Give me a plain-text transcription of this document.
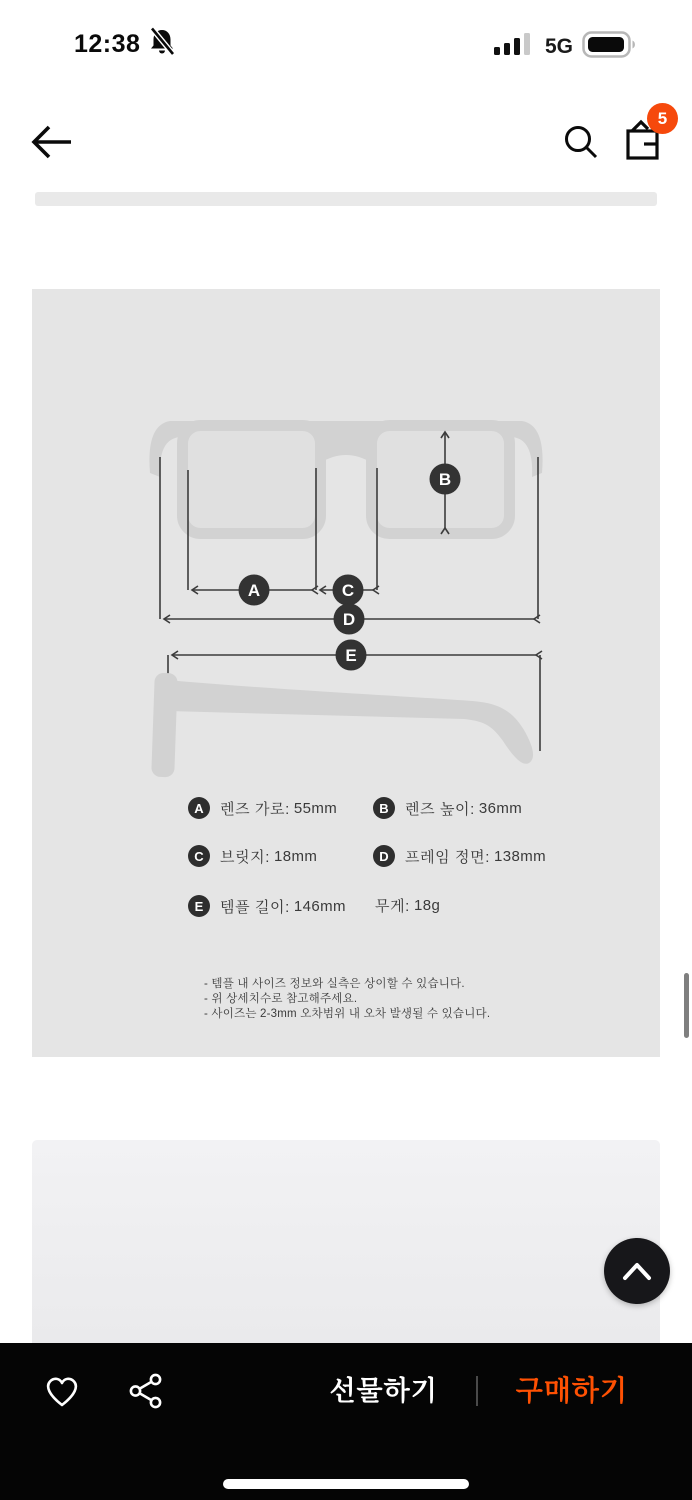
12:38	5G
5
A	C
D
B
E
A	렌즈 가로: 55mm	B	렌즈 높이: 36mm
C	브릿지: 18mm	D	프레임 정면: 138mm
E	템플 길이: 146mm 무게: 18g
- 템플 내 사이즈 정보와 실측은 상이할 수 있습니다.
- 위 상세치수로 참고해주세요.
- 사이즈는 2-3mm 오차범위 내 오차 발생될 수 있습니다.
선물하기	구매하기
